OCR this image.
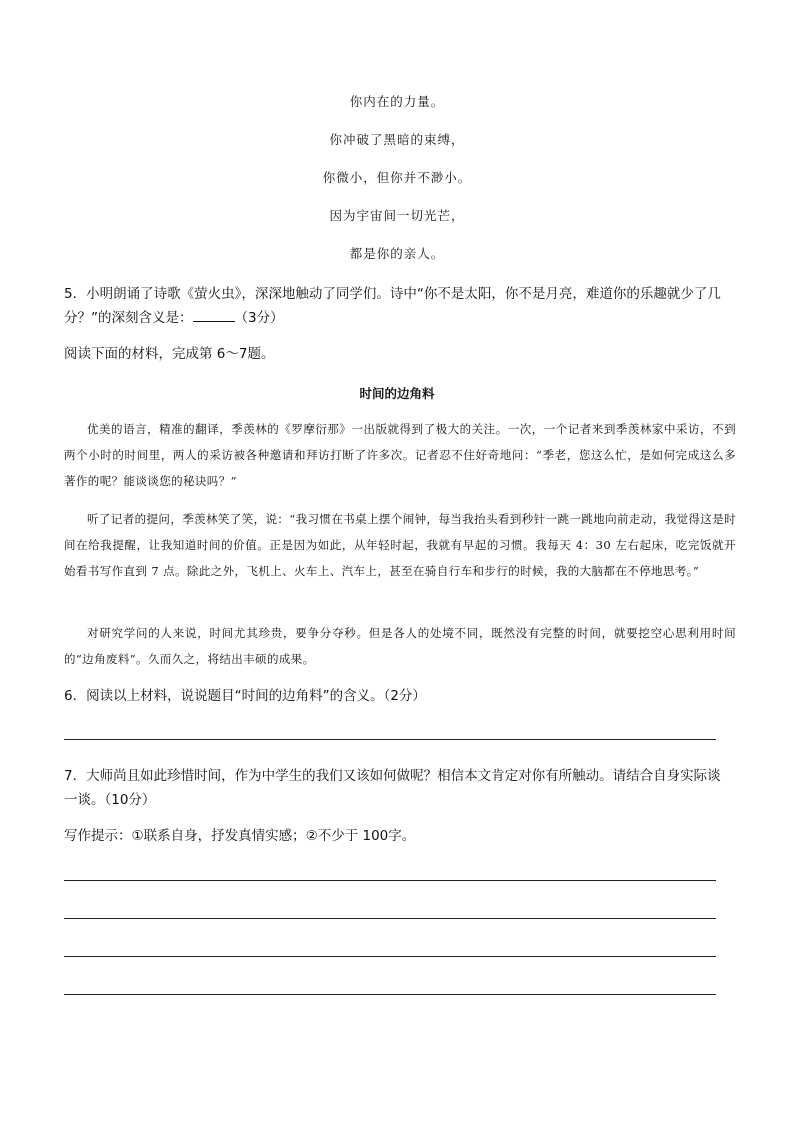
你内在的力量。
你冲破了黑暗的束缚，
你微小，但你并不渺小。
因为宇宙间一切光芒，
都是你的亲人。
5．小明朗诵了诗歌《萤火虫》，深深地触动了同学们。诗中“你不是太阳，你不是月亮，难道你的乐趣就少了几分？”的深刻含义是：	（3分）
阅读下面的材料，完成第 6～7题。
时间的边角料
优美的语言，精准的翻译，季羡林的《罗摩衍那》一出版就得到了极大的关注。一次，一个记者来到季羡林家中采访，不到两个小时的时间里，两人的采访被各种邀请和拜访打断了许多次。记者忍不住好奇地问：“季老，您这么忙，是如何完成这么多著作的呢？能谈谈您的秘诀吗？”
听了记者的提问，季羡林笑了笑，说：“我习惯在书桌上摆个闹钟，每当我抬头看到秒针一跳一跳地向前走动，我觉得这是时间在给我提醒，让我知道时间的价值。正是因为如此，从年轻时起，我就有早起的习惯。我每天 4：30 左右起床，吃完饭就开始看书写作直到 7 点。除此之外，飞机上、火车上、汽车上，甚至在骑自行车和步行的时候，我的大脑都在不停地思考。”
对研究学问的人来说，时间尤其珍贵，要争分夺秒。但是各人的处境不同，既然没有完整的时间，就要挖空心思利用时间的“边角废料”。久而久之，将结出丰硕的成果。
6．阅读以上材料，说说题目“时间的边角料”的含义。（2分）
7．大师尚且如此珍惜时间，作为中学生的我们又该如何做呢？相信本文肯定对你有所触动。请结合自身实际谈一谈。（10分）
写作提示：①联系自身，抒发真情实感；②不少于 100字。
